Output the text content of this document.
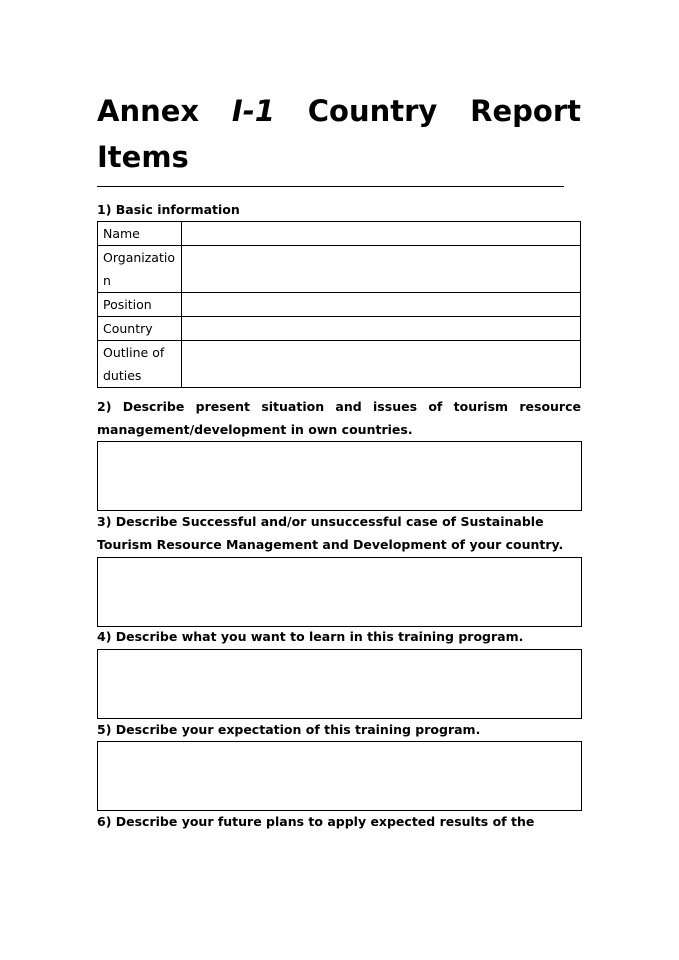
Annex I-1 Country Report
Items

1) Basic information

Name	
Organization	
Position	
Country	
Outline of duties	

2) Describe present situation and issues of tourism resource management/development in own countries.

3) Describe Successful and/or unsuccessful case of Sustainable
Tourism Resource Management and Development of your country.

4) Describe what you want to learn in this training program.

5) Describe your expectation of this training program.

6) Describe your future plans to apply expected results of the
